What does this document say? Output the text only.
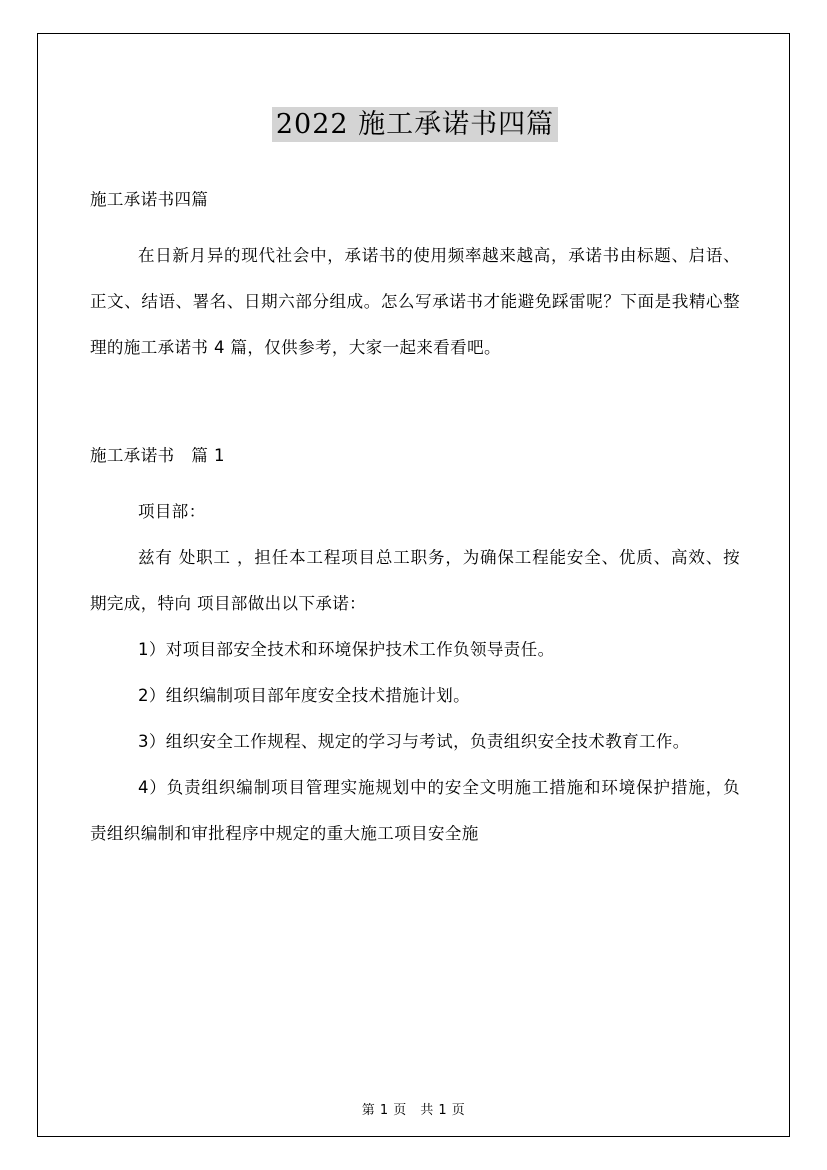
2022 施工承诺书四篇

施工承诺书四篇

在日新月异的现代社会中，承诺书的使用频率越来越高，承诺书由标题、启语、正文、结语、署名、日期六部分组成。怎么写承诺书才能避免踩雷呢？下面是我精心整理的施工承诺书 4 篇，仅供参考，大家一起来看看吧。

施工承诺书　篇 1

项目部：

兹有 处职工 ，担任本工程项目总工职务，为确保工程能安全、优质、高效、按期完成，特向 项目部做出以下承诺：

1）对项目部安全技术和环境保护技术工作负领导责任。

2）组织编制项目部年度安全技术措施计划。

3）组织安全工作规程、规定的学习与考试，负责组织安全技术教育工作。

4）负责组织编制项目管理实施规划中的安全文明施工措施和环境保护措施，负责组织编制和审批程序中规定的重大施工项目安全施

第 1 页　共 1 页
